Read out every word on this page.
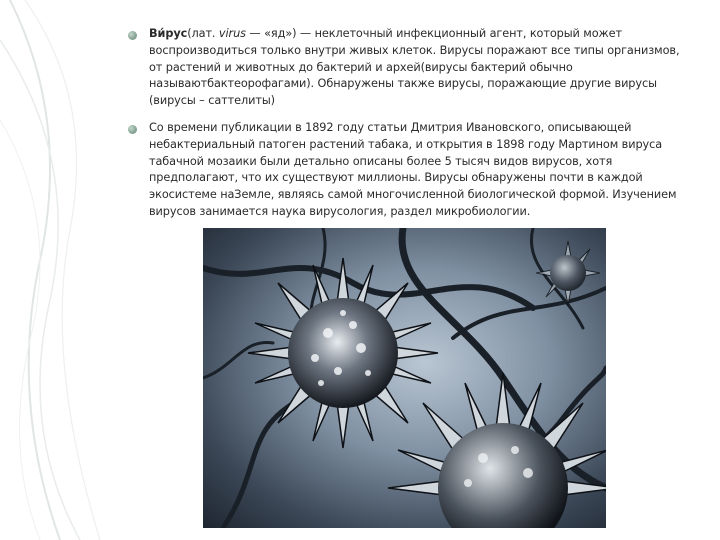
Ви́рус(лат. virus — «яд») — неклеточный инфекционный агент, который может воспроизводиться только внутри живых клеток. Вирусы поражают все типы организмов, от растений и животных до бактерий и архей(вирусы бактерий обычно называютбактеорофагами). Обнаружены также вирусы, поражающие другие вирусы (вирусы – саттелиты)

Со времени публикации в 1892 году статьи Дмитрия Ивановского, описывающей небактериальный патоген растений табака, и открытия в 1898 году Мартином вируса табачной мозаики были детально описаны более 5 тысяч видов вирусов, хотя предполагают, что их существуют миллионы. Вирусы обнаружены почти в каждой экосистеме наЗемле, являясь самой многочисленной биологической формой. Изучением вирусов занимается наука вирусология, раздел микробиологии.
